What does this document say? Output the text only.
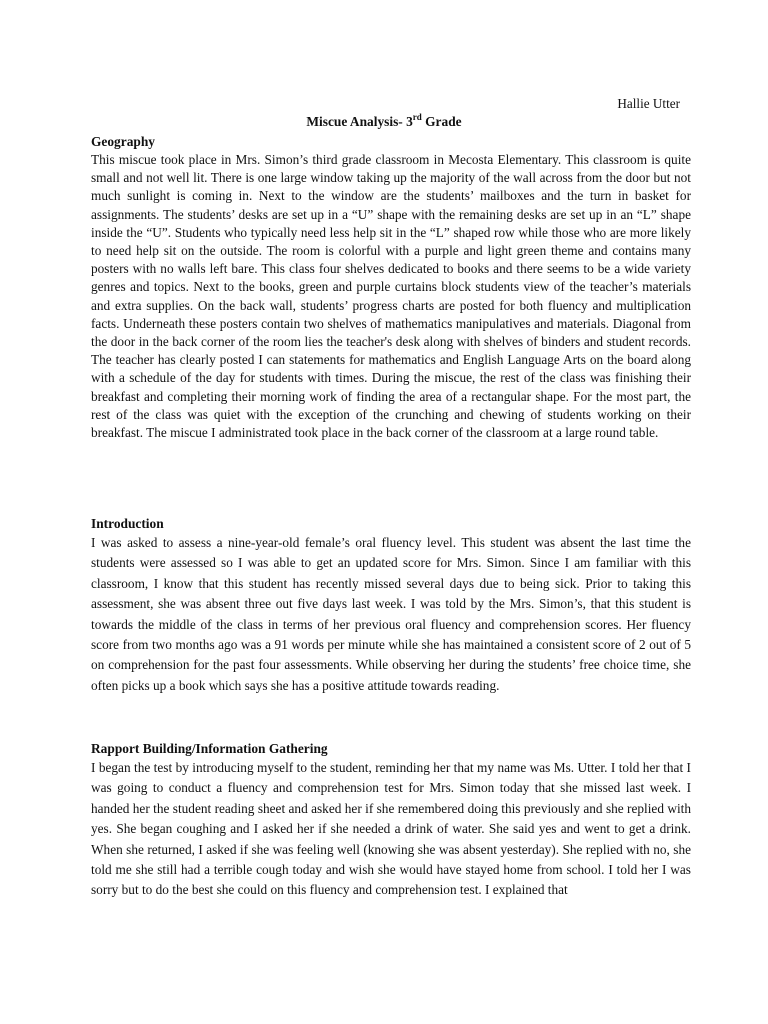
Hallie Utter
Miscue Analysis- 3rd Grade
Geography

This miscue took place in Mrs. Simon’s third grade classroom in Mecosta Elementary. This classroom is quite small and not well lit. There is one large window taking up the majority of the wall across from the door but not much sunlight is coming in. Next to the window are the students’ mailboxes and the turn in basket for assignments. The students’ desks are set up in a “U” shape with the remaining desks are set up in an “L” shape inside the “U”. Students who typically need less help sit in the “L” shaped row while those who are more likely to need help sit on the outside. The room is colorful with a purple and light green theme and contains many posters with no walls left bare. This class four shelves dedicated to books and there seems to be a wide variety genres and topics. Next to the books, green and purple curtains block students view of the teacher’s materials and extra supplies. On the back wall, students’ progress charts are posted for both fluency and multiplication facts. Underneath these posters contain two shelves of mathematics manipulatives and materials. Diagonal from the door in the back corner of the room lies the teacher's desk along with shelves of binders and student records. The teacher has clearly posted I can statements for mathematics and English Language Arts on the board along with a schedule of the day for students with times. During the miscue, the rest of the class was finishing their breakfast and completing their morning work of finding the area of a rectangular shape. For the most part, the rest of the class was quiet with the exception of the crunching and chewing of students working on their breakfast. The miscue I administrated took place in the back corner of the classroom at a large round table.

Introduction

I was asked to assess a nine-year-old female’s oral fluency level. This student was absent the last time the students were assessed so I was able to get an updated score for Mrs. Simon. Since I am familiar with this classroom, I know that this student has recently missed several days due to being sick. Prior to taking this assessment, she was absent three out five days last week. I was told by the Mrs. Simon’s, that this student is towards the middle of the class in terms of her previous oral fluency and comprehension scores. Her fluency score from two months ago was a 91 words per minute while she has maintained a consistent score of 2 out of 5 on comprehension for the past four assessments. While observing her during the students’ free choice time, she often picks up a book which says she has a positive attitude towards reading.

Rapport Building/Information Gathering

I began the test by introducing myself to the student, reminding her that my name was Ms. Utter. I told her that I was going to conduct a fluency and comprehension test for Mrs. Simon today that she missed last week. I handed her the student reading sheet and asked her if she remembered doing this previously and she replied with yes. She began coughing and I asked her if she needed a drink of water. She said yes and went to get a drink. When she returned, I asked if she was feeling well (knowing she was absent yesterday). She replied with no, she told me she still had a terrible cough today and wish she would have stayed home from school. I told her I was sorry but to do the best she could on this fluency and comprehension test. I explained that
